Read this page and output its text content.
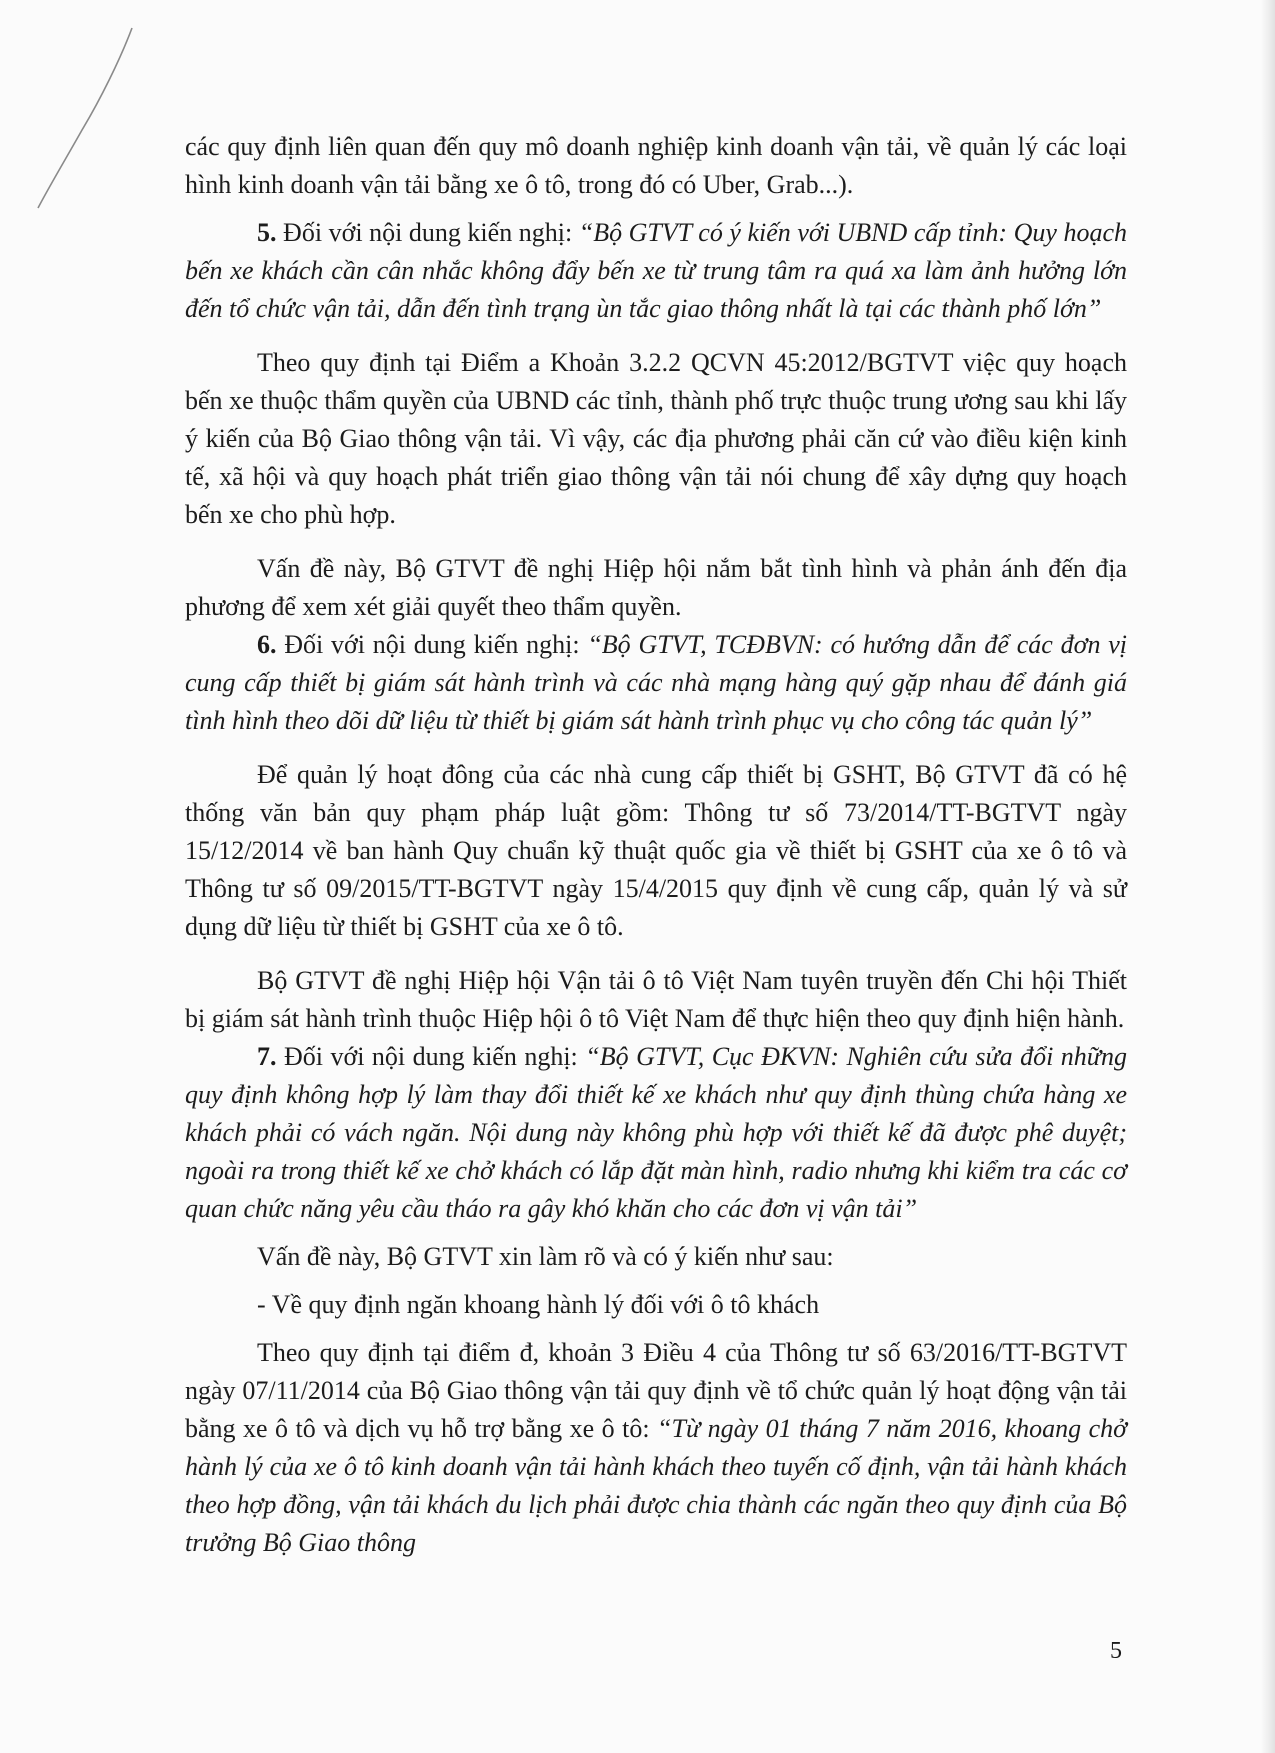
các quy định liên quan đến quy mô doanh nghiệp kinh doanh vận tải, về quản lý các loại hình kinh doanh vận tải bằng xe ô tô, trong đó có Uber, Grab...).

5. Đối với nội dung kiến nghị: “Bộ GTVT có ý kiến với UBND cấp tỉnh: Quy hoạch bến xe khách cần cân nhắc không đẩy bến xe từ trung tâm ra quá xa làm ảnh hưởng lớn đến tổ chức vận tải, dẫn đến tình trạng ùn tắc giao thông nhất là tại các thành phố lớn”

Theo quy định tại Điểm a Khoản 3.2.2 QCVN 45:2012/BGTVT việc quy hoạch bến xe thuộc thẩm quyền của UBND các tỉnh, thành phố trực thuộc trung ương sau khi lấy ý kiến của Bộ Giao thông vận tải. Vì vậy, các địa phương phải căn cứ vào điều kiện kinh tế, xã hội và quy hoạch phát triển giao thông vận tải nói chung để xây dựng quy hoạch bến xe cho phù hợp.

Vấn đề này, Bộ GTVT đề nghị Hiệp hội nắm bắt tình hình và phản ánh đến địa phương để xem xét giải quyết theo thẩm quyền.

6. Đối với nội dung kiến nghị: “Bộ GTVT, TCĐBVN: có hướng dẫn để các đơn vị cung cấp thiết bị giám sát hành trình và các nhà mạng hàng quý gặp nhau để đánh giá tình hình theo dõi dữ liệu từ thiết bị giám sát hành trình phục vụ cho công tác quản lý”

Để quản lý hoạt đông của các nhà cung cấp thiết bị GSHT, Bộ GTVT đã có hệ thống văn bản quy phạm pháp luật gồm: Thông tư số 73/2014/TT-BGTVT ngày 15/12/2014 về ban hành Quy chuẩn kỹ thuật quốc gia về thiết bị GSHT của xe ô tô và Thông tư số 09/2015/TT-BGTVT ngày 15/4/2015 quy định về cung cấp, quản lý và sử dụng dữ liệu từ thiết bị GSHT của xe ô tô.

Bộ GTVT đề nghị Hiệp hội Vận tải ô tô Việt Nam tuyên truyền đến Chi hội Thiết bị giám sát hành trình thuộc Hiệp hội ô tô Việt Nam để thực hiện theo quy định hiện hành.

7. Đối với nội dung kiến nghị: “Bộ GTVT, Cục ĐKVN: Nghiên cứu sửa đổi những quy định không hợp lý làm thay đổi thiết kế xe khách như quy định thùng chứa hàng xe khách phải có vách ngăn. Nội dung này không phù hợp với thiết kế đã được phê duyệt; ngoài ra trong thiết kế xe chở khách có lắp đặt màn hình, radio nhưng khi kiểm tra các cơ quan chức năng yêu cầu tháo ra gây khó khăn cho các đơn vị vận tải”

Vấn đề này, Bộ GTVT xin làm rõ và có ý kiến như sau:

- Về quy định ngăn khoang hành lý đối với ô tô khách

Theo quy định tại điểm đ, khoản 3 Điều 4 của Thông tư số 63/2016/TT-BGTVT ngày 07/11/2014 của Bộ Giao thông vận tải quy định về tổ chức quản lý hoạt động vận tải bằng xe ô tô và dịch vụ hỗ trợ bằng xe ô tô: “Từ ngày 01 tháng 7 năm 2016, khoang chở hành lý của xe ô tô kinh doanh vận tải hành khách theo tuyến cố định, vận tải hành khách theo hợp đồng, vận tải khách du lịch phải được chia thành các ngăn theo quy định của Bộ trưởng Bộ Giao thông

5
